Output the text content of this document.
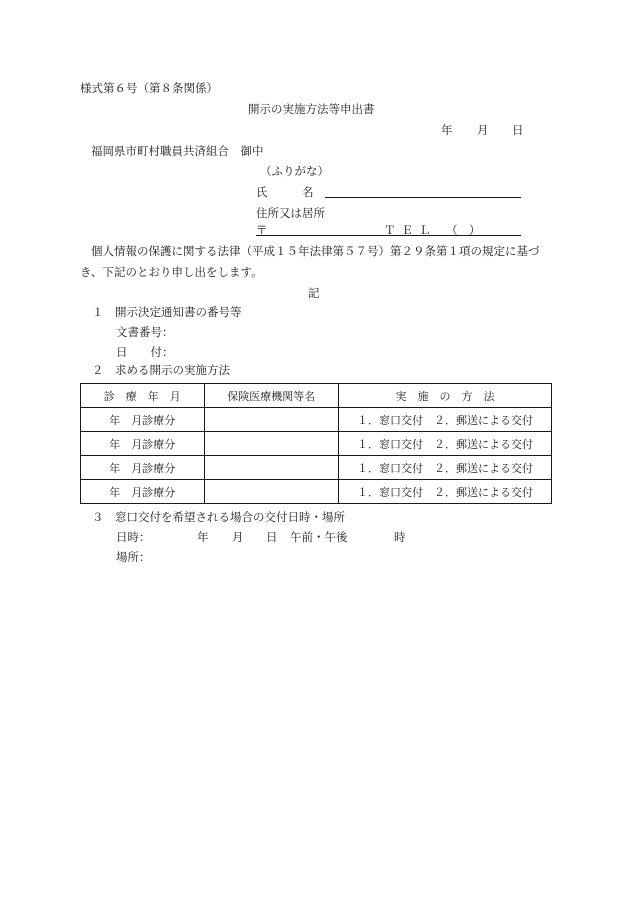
様式第６号（第８条関係）
開示の実施方法等申出書
年 月 日
福岡県市町村職員共済組合　御中
（ふりがな）
氏　　　名
住所又は居所
〒	ＴＥＬ （　）
個人情報の保護に関する法律（平成１５年法律第５７号）第２９条第１項の規定に基づ
き、下記のとおり申し出をします。
記
１　開示決定通知書の番号等
文書番号：
日　　付：
２　求める開示の実施方法
診　療　年　月	保険医療機関等名	実　施　の　方　法
年　月診療分		１．窓口交付　２．郵送による交付
年　月診療分		１．窓口交付　２．郵送による交付
年　月診療分		１．窓口交付　２．郵送による交付
年　月診療分		１．窓口交付　２．郵送による交付
３　窓口交付を希望される場合の交付日時・場所
日時：	年 月 日 午前・午後	時
場所：
